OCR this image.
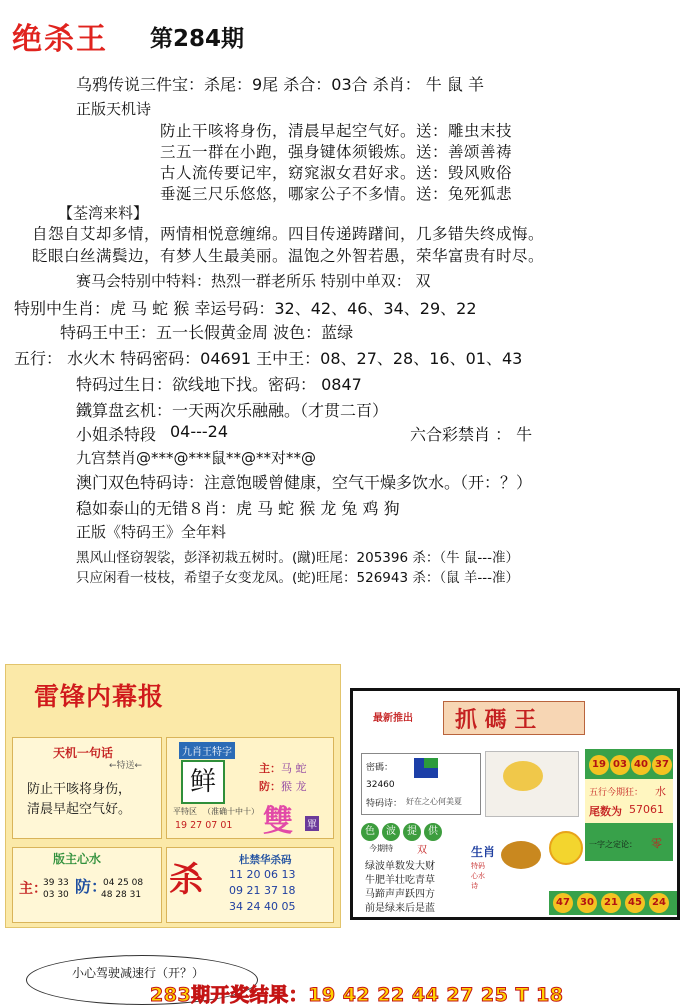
绝杀王 第284期
乌鸦传说三件宝：杀尾：9尾 杀合：03合 杀肖： 牛 鼠 羊
正版天机诗
防止干咳将身伤，清晨早起空气好。送：雕虫末技
三五一群在小跑，强身键体须锻炼。送：善颂善祷
古人流传要记牢，窈窕淑女君好求。送：毁风败俗
垂涎三尺乐悠悠，哪家公子不多情。送：兔死狐悲
【荃湾来料】
自怨自艾却多情，两情相悦意缠绵。四目传递踌躇间，几多错失终成悔。
眨眼白丝满鬓边，有梦人生最美丽。温饱之外智若愚，荣华富贵有时尽。
赛马会特别中特料：热烈一群老所乐 特别中单双： 双
特别中生肖：虎 马 蛇 猴 幸运号码：32、42、46、34、29、22
特码王中王：五一长假黄金周 波色：蓝绿
五行： 水火木 特码密码：04691 王中王：08、27、28、16、01、43
特码过生日：欲线地下找。密码： 0847
鐵算盘玄机：一天两次乐融融。（才贯二百）
小姐杀特段 04---24	六合彩禁肖 ： 牛
九宫禁肖@***@***鼠**@**对**@
澳门双色特码诗：注意饱暖曾健康，空气干燥多饮水。（开：？）
稳如泰山的无错８肖：虎 马 蛇 猴 龙 兔 鸡 狗
正版《特码王》全年料
黑风山怪窃袈裟，彭泽初栽五树时。(蹴)旺尾：205396 杀：（牛 鼠---准）
只应闲看一枝枝，希望子女变龙凤。(蛇)旺尾：526943 杀：（鼠 羊---准）
雷锋内幕报
天机一句话
←特送←
防止干咳将身伤，
清晨早起空气好。
九肖王特字
鲜	主： 马 蛇
防： 猴 龙
平特区 （准确十中十）
19 27 07 01 雙 單
版主心水
主：
39 33
03 30 防：
04 25 08
48 28 31 杀	杜禁华杀码
11 20 06 13
09 21 37 18
34 24 40 05
最新推出 抓 碼 王
密碼：
32460
特码诗： 好在之心何美夏
19 03 40 37
五行今期狂： 水
尾数为 57061
一字之定论： 零
色 波 提 供
今期特 双	生肖
特码心水诗
绿波单数发大财
牛肥羊壮吃青草
马蹄声声跃四方
前是绿来后是蓝
47	30	21	45	24
小心驾驶减速行（开？）
283期开奖结果：19 42 22 44 27 25 T 18
